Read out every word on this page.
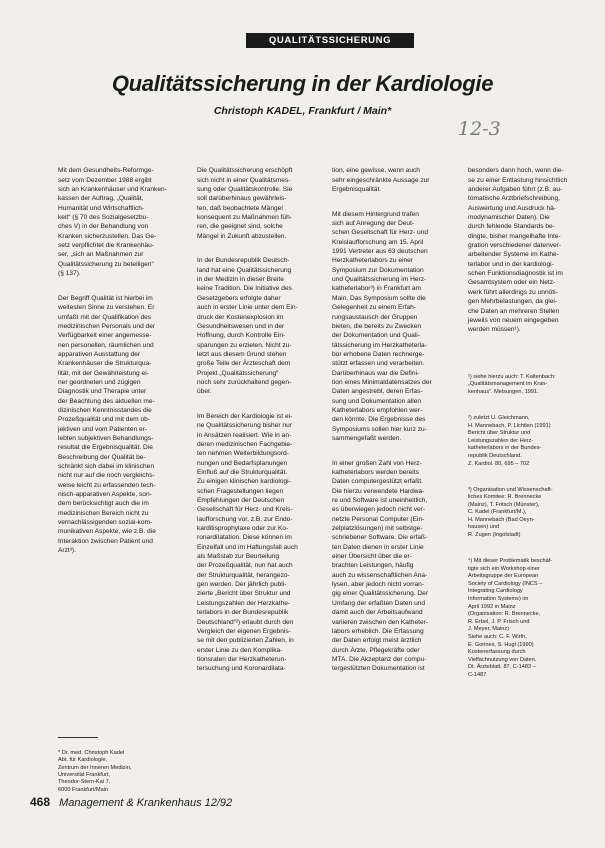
QUALITÄTSSICHERUNG
Qualitätssicherung in der Kardiologie
Christoph KADEL, Frankfurt / Main*
12-3

Mit dem Gesundheits-Reformge-
setz vom Dezember 1988 ergibt
sich an Krankenhäuser und Kranken-
kassen der Auftrag, „Qualität,
Humanität und Wirtschaftlich-
keit“ (§ 70 des Sozialgesetzbu-
ches V) in der Behandlung von
Kranken sicherzustellen. Das Ge-
setz verpflichtet die Krankenhäu-
ser, „sich an Maßnahmen zur
Qualitätssicherung zu beteiligen“
(§ 137).

Der Begriff Qualität ist hierbei im
weitesten Sinne zu verstehen. Er
umfaßt mit der Qualifikation des
medizinischen Personals und der
Verfügbarkeit einer angemesse-
nen personellen, räumlichen und
apparativen Ausstattung der
Krankenhäuser die Strukturqua-
lität, mit der Gewährleistung ei-
ner geordneten und zügigen
Diagnostik und Therapie unter
der Beachtung des aktuellen me-
dizinischen Kenntnisstandes die
Prozeßqualität und mit dem ob-
jektiven und vom Patienten er-
lebten subjektiven Behandlungs-
resultat die Ergebnisqualität. Die
Beschreibung der Qualität be-
schränkt sich dabei im klinischen
nicht nur auf die noch vergleichs-
weise leicht zu erfassenden tech-
nisch-apparativen Aspekte, son-
dern berücksichtigt auch die im
medizinischen Bereich nicht zu
vernachlässigenden sozial-kom-
munikativen Aspekte, wie z.B. die
Interaktion zwischen Patient und
Arzt³).

Die Qualitätssicherung erschöpft
sich nicht in einer Qualitätsmes-
sung oder Qualitätskontrolle. Sie
soll darüberhinaus gewährleis-
ten, daß beobachtete Mängel
konsequent zu Maßnahmen füh-
ren, die geeignet sind, solche
Mängel in Zukunft abzustellen.

In der Bundesrepublik Deutsch-
land hat eine Qualitätssicherung
in der Medizin in dieser Breite
keine Tradition. Die Initiative des
Gesetzgebers erfolgte daher
auch in erster Linie unter dem Ein-
druck der Kostenexplosion im
Gesundheitswesen und in der
Hoffnung, durch Kontrolle Ein-
sparungen zu erzielen. Nicht zu-
letzt aus diesem Grund stehen
große Teile der Ärzteschaft dem
Projekt „Qualitätssicherung“
noch sehr zurückhaltend gegen-
über.

Im Bereich der Kardiologie ist ei-
ne Qualitätssicherung bisher nur
in Ansätzen realisiert. Wie in an-
deren medizinischen Fachgebie-
ten nehmen Weiterbildungsord-
nungen und Bedarfsplanungen
Einfluß auf die Strukturqualität.
Zu einigen klinischen kardiologi-
schen Fragestellungen liegen
Empfehlungen der Deutschen
Gesellschaft für Herz- und Kreis-
laufforschung vor, z.B. zur Endo-
karditisprophylaxe oder zur Ko-
ronardiIatation. Diese können im
Einzelfall und im Haftungsfall auch
als Maßstab zur Beurteilung
der Prozeßqualität, nun hat auch
der Strukturqualität, herangezo-
gen werden. Der jährlich publi-
zierte „Bericht über Struktur und
Leistungszahlen der Herzkathe-
terlabors in der Bundesrepublik
Deutschland“²) erlaubt durch den
Vergleich der eigenen Ergebnis-
se mit den publizierten Zahlen, in
erster Linie zu den Komplika-
tionsraten der Herzkatheterun-
tersuchung und Koronardilata-

tion, eine gewisse, wenn auch
sehr eingeschränkte Aussage zur
Ergebnisqualität.

Mit diesem Hintergrund trafen
sich auf Anregung der Deut-
schen Gesellschaft für Herz- und
Kreislaufforschung am 15. April
1991 Vertreter aus 63 deutschen
Herzkatheterlabors zu einer
Symposium zur Dokumentation
und Qualitätssicherung im Herz-
katheterlabor³) in Frankfurt am
Main. Das Symposium sollte die
Gelegenheit zu einem Erfah-
rungsaustausch der Gruppen
bieten, die bereits zu Zwecken
der Dokumentation und Quali-
tätssicherung im Herzkatheterla-
bor erhobene Daten rechnerge-
stützt erfassen und verarbeiten.
Darüberhinaus war die Defini-
tion eines Minimaldatensatzes der
Daten angestrebt, deren Erfas-
sung und Dokumentation allen
Katheterlabors empfohlen wer-
den könnte. Die Ergebnisse des
Symposiums sollen hier kurz zu-
sammengefaßt werden.

In einer großen Zahl von Herz-
katheterlabors werden bereits
Daten computergestützt erfaßt.
Die hierzu verwendete Hardwa-
re und Software ist uneinheitlich,
es überwiegen jedoch nicht ver-
netzte Personal Computer (Ein-
zelplatzlösungen) mit selbstge-
schriebener Software. Die erfaß-
ten Daten dienen in erster Linie
einer Übersicht über die er-
brachten Leistungen, häufig
auch zu wissenschaftlichen Ana-
lysen, aber jedoch nicht vorran-
gig einer Qualitätssicherung. Der
Umfang der erfaßten Daten und
damit auch der Arbeitsaufwand
variieren zwischen den Katheter-
labors erheblich. Die Erfassung
der Daten erfolgt meist ärztlich
durch Ärzte, Pflegekräfte oder
MTA. Die Akzeptanz der compu-
tergestützten Dokumentation ist

besonders dann hoch, wenn die-
se zu einer Entlastung hinsichtlich
anderer Aufgaben führt (z.B. au-
tomatische Arztbriefschreibung,
Auswertung und Ausdruck hä-
modynamischer Daten). Die
durch fehlende Standards be-
dingte, bisher mangelhafte Inte-
gration verschiedener datenver-
arbeitender Systeme im Kathe-
terlabor und in der kardiologi-
schen Funktionsdiagnostik ist im
Gesamtsystem oder ein Netz-
werk führt allerdings zu unnöti-
gen Mehrbelastungen, da glei-
che Daten an mehreren Stellen
jeweils von neuem eingegeben
werden müssen¹).

¹) siehe hierzu auch: T. Kaltenbach:
„Qualitätsmanagement im Kran-
kenhaus“. Melsungen, 1991.

²) zuletzt U. Gleichmann,
H. Mannebach, P. Lichtlen (1991)
Bericht über Struktur und
Leistungszahlen der Herz-
katheterlabors in der Bundes-
republik Deutschland.
Z. Kardiol. 80, 695 – 702

³) Organisation und Wissenschaft-
liches Komitee: R. Brennecke
(Mainz), T. Fritsch (Münster),
C. Kadel (Frankfurt/M.),
H. Mannebach (Bad Oeyn-
hausen) und
R. Zugen (Ingolstadt)

⁴) Mit dieser Problematik beschäf-
tigte sich ein Workshop einer
Arbeitsgruppe der European
Society of Cardiology (INCS –
Integrating Cardiology
Information Systems) im
April 1992 in Mainz
(Organisation: R. Brennecke,
R. Erbel, J. P. Frisch und
J. Meyer, Mainz)
Siehe auch: C. F. Wirth,
E. Gorines, S. Hugl (1990)
Kostenerfassung durch
Vielfachnutzung von Daten.
Dt. Ärzteblatt. 87, C-1483 –
C-1487

* Dr. med. Christoph Kadel
Abt. für Kardiologie,
Zentrum der Inneren Medizin,
Universität Frankfurt,
Theodor-Stern-Kai 7,
6000 Frankfurt/Main

468 Management & Krankenhaus 12/92
